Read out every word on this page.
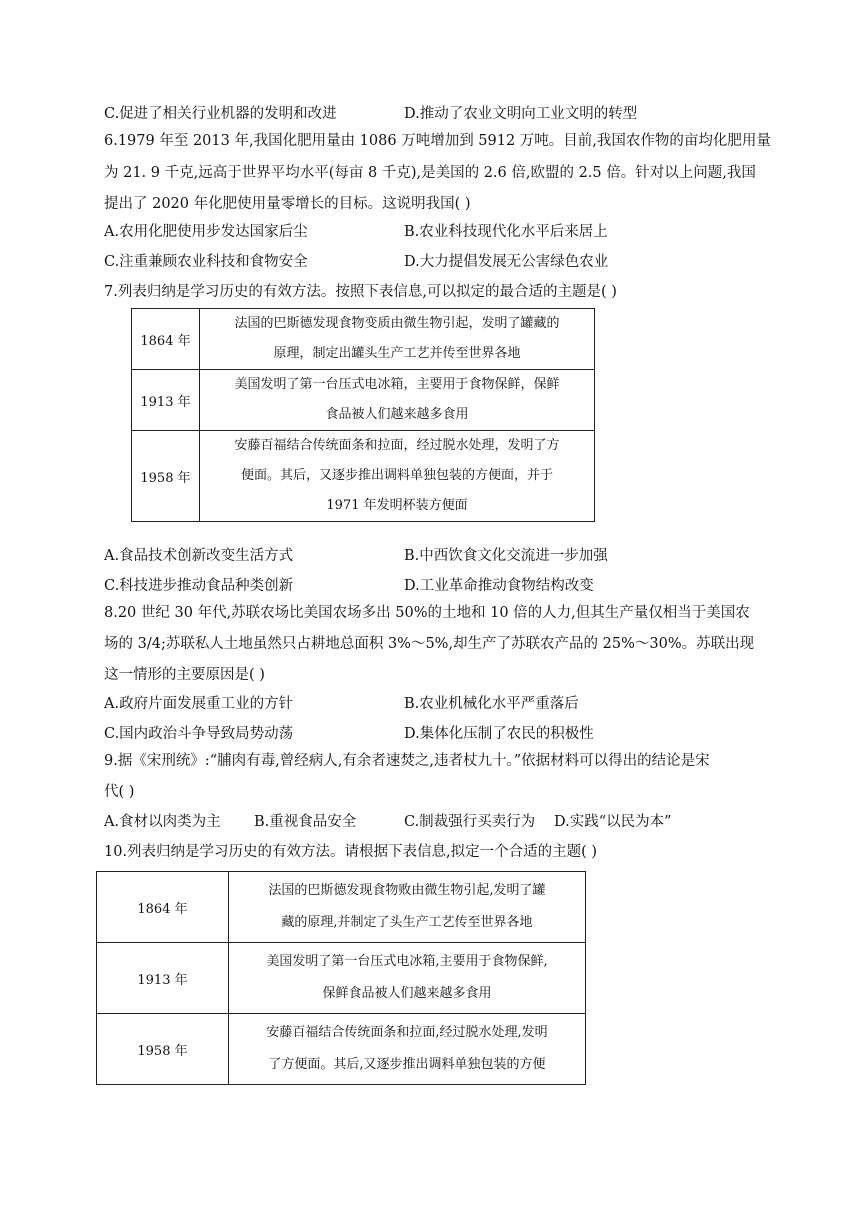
C.促进了相关行业机器的发明和改进	D.推动了农业文明向工业文明的转型
6.1979 年至 2013 年,我国化肥用量由 1086 万吨增加到 5912 万吨。目前,我国农作物的亩均化肥用量
为 21. 9 千克,远高于世界平均水平(每亩 8 千克),是美国的 2.6 倍,欧盟的 2.5 倍。针对以上问题,我国
提出了 2020 年化肥使用量零增长的目标。这说明我国( )
A.农用化肥使用步发达国家后尘	B.农业科技现代化水平后来居上
C.注重兼顾农业科技和食物安全	D.大力提倡发展无公害绿色农业
7.列表归纳是学习历史的有效方法。按照下表信息,可以拟定的最合适的主题是( )
1864 年	法国的巴斯德发现食物变质由微生物引起，发明了罐藏的
原理，制定出罐头生产工艺并传至世界各地

1913 年	美国发明了第一台压式电冰箱，主要用于食物保鲜，保鲜
食品被人们越来越多食用

1958 年	安藤百福结合传统面条和拉面，经过脱水处理，发明了方
便面。其后，又逐步推出调料单独包装的方便面，并于
1971 年发明杯装方便面
A.食品技术创新改变生活方式	B.中西饮食文化交流进一步加强
C.科技进步推动食品种类创新	D.工业革命推动食物结构改变
8.20 世纪 30 年代,苏联农场比美国农场多出 50%的土地和 10 倍的人力,但其生产量仅相当于美国农
场的 3/4;苏联私人土地虽然只占耕地总面积 3%～5%,却生产了苏联农产品的 25%～30%。苏联出现
这一情形的主要原因是( )
A.政府片面发展重工业的方针	B.农业机械化水平严重落后
C.国内政治斗争导致局势动荡	D.集体化压制了农民的积极性
9.据《宋刑统》:“脯肉有毒,曾经病人,有余者速焚之,违者杖九十。”依据材料可以得出的结论是宋
代( )
A.食材以肉类为主 B.重视食品安全	C.制裁强行买卖行为 D.实践“以民为本”
10.列表归纳是学习历史的有效方法。请根据下表信息,拟定一个合适的主题( )
1864 年	法国的巴斯德发现食物败由微生物引起,发明了罐
藏的原理,并制定了头生产工艺传至世界各地

1913 年	美国发明了第一台压式电冰箱,主要用于食物保鲜,
保鲜食品被人们越来越多食用

1958 年	安藤百福结合传统面条和拉面,经过脱水处理,发明
了方便面。其后,又逐步推出调料单独包装的方便
